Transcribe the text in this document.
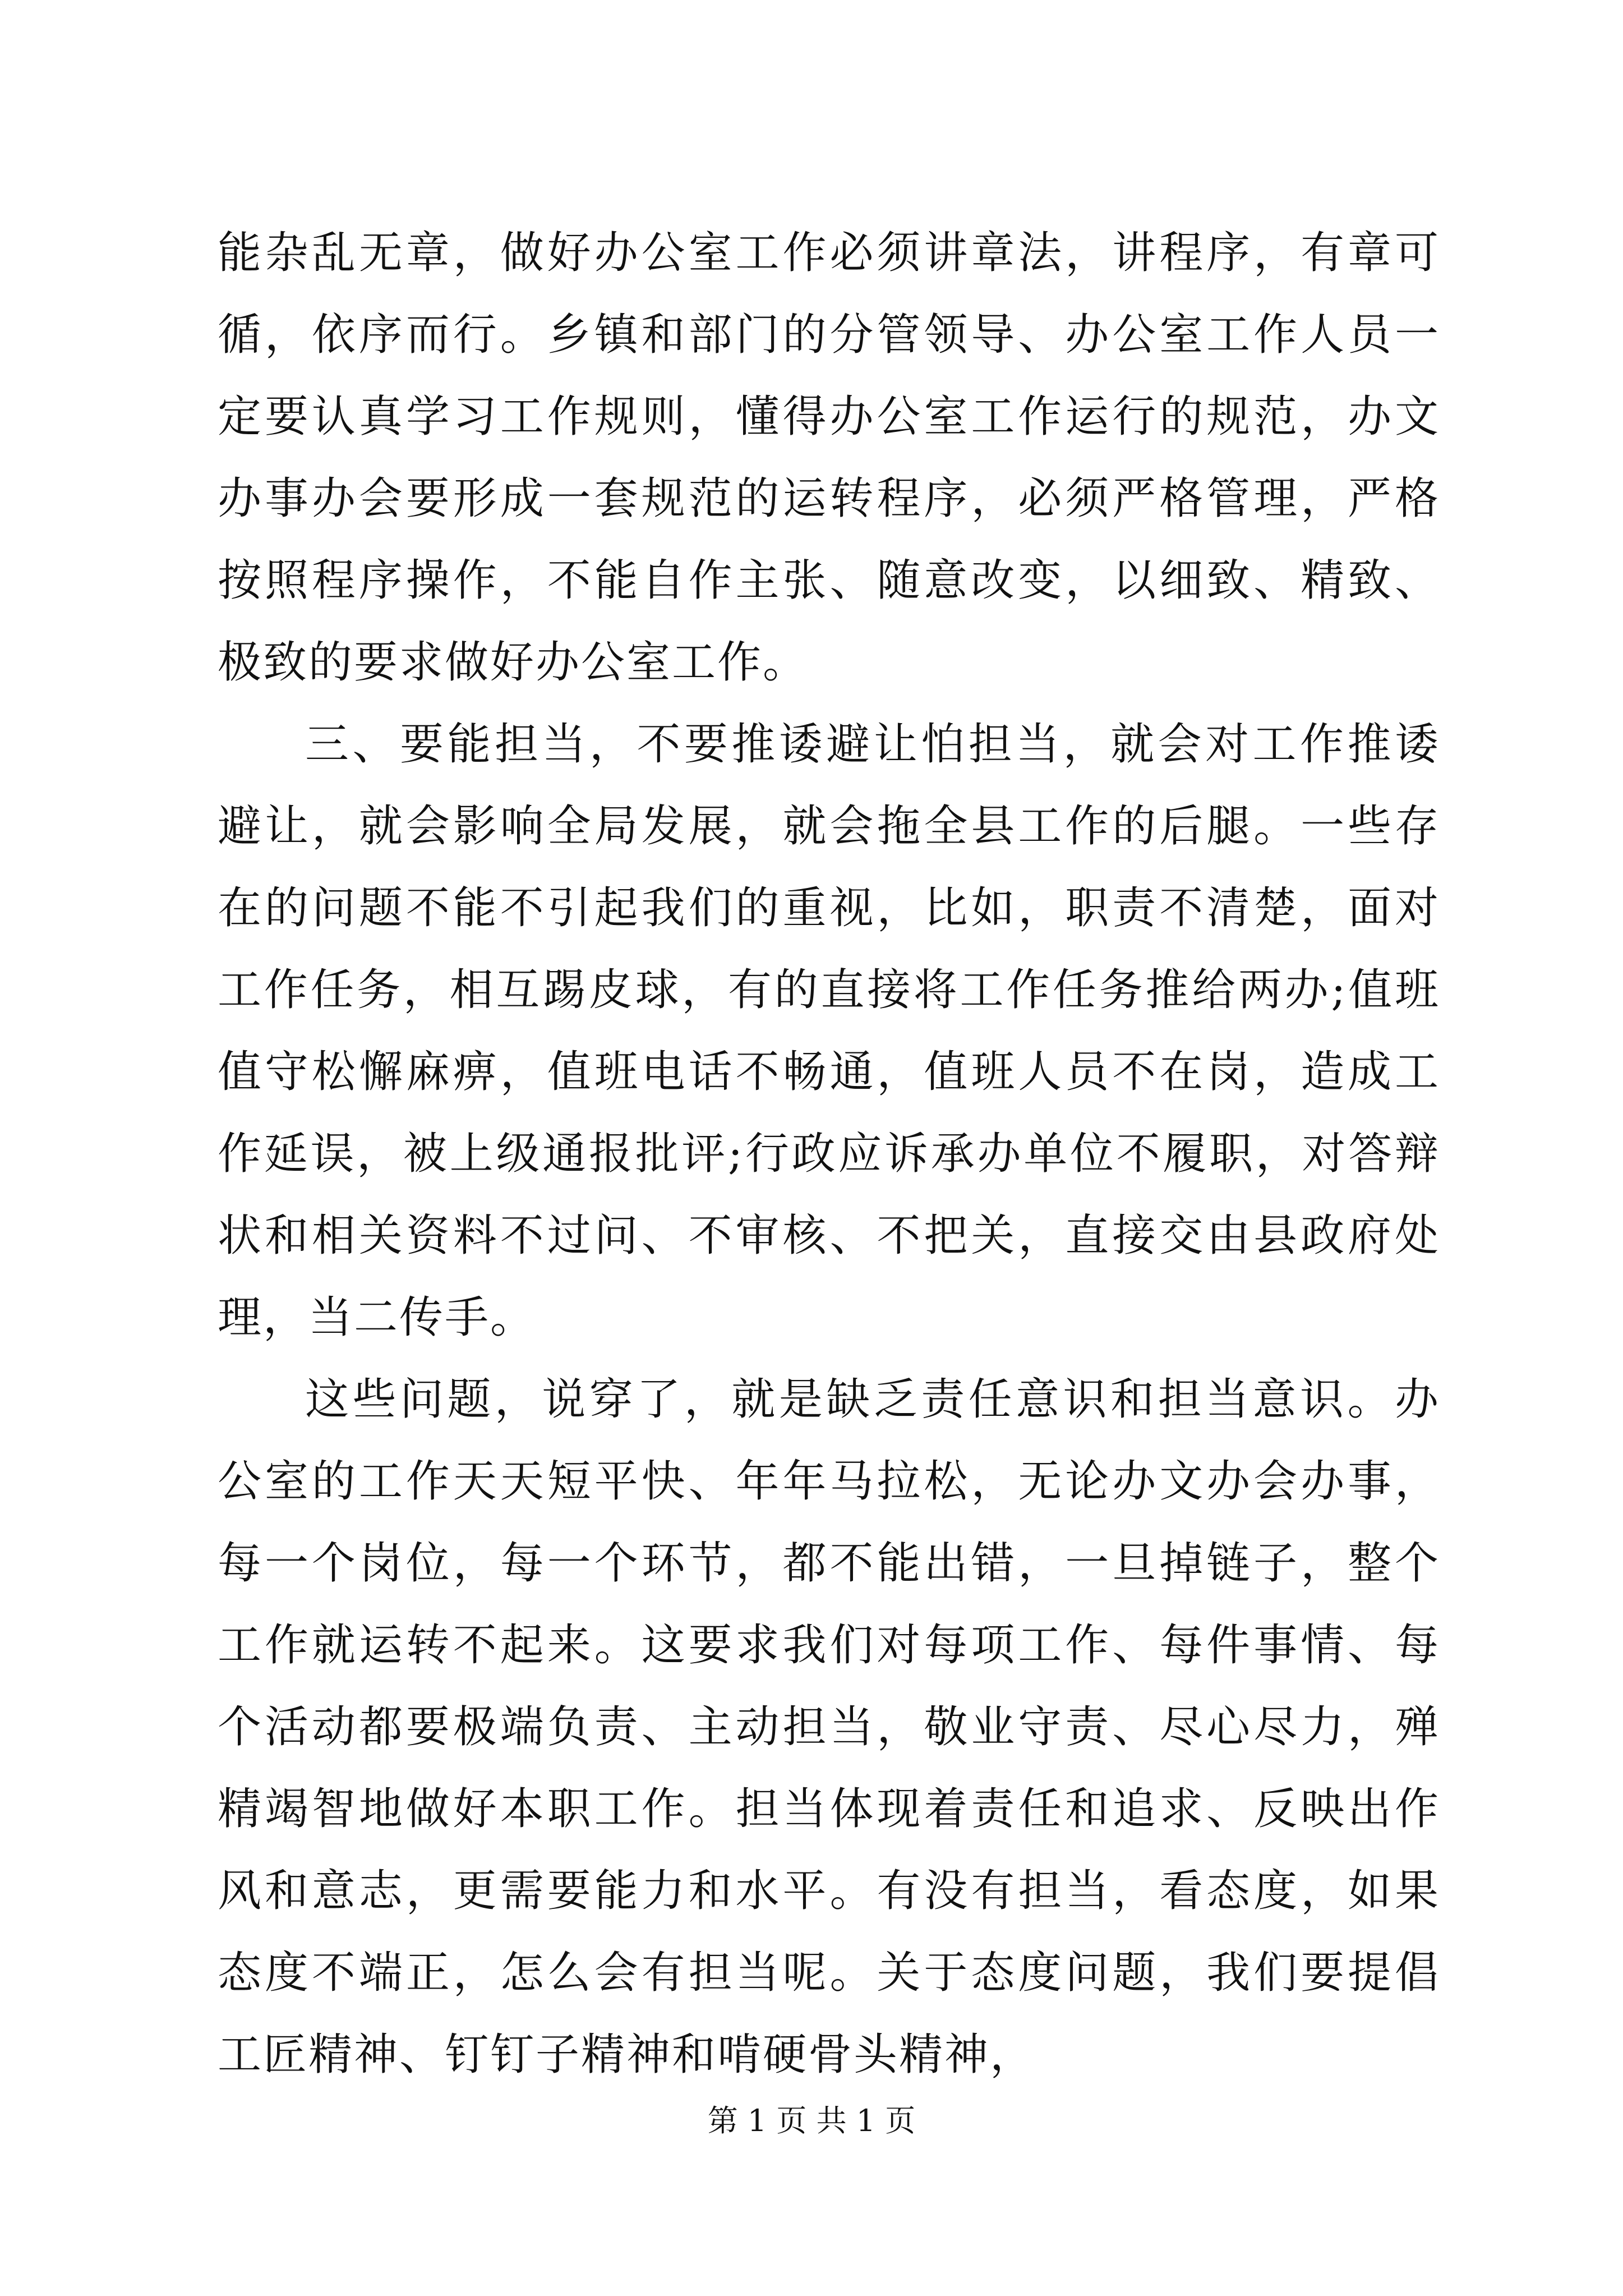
能杂乱无章，做好办公室工作必须讲章法，讲程序，有章可循，依序而行。乡镇和部门的分管领导、办公室工作人员一定要认真学习工作规则，懂得办公室工作运行的规范，办文办事办会要形成一套规范的运转程序，必须严格管理，严格按照程序操作，不能自作主张、随意改变，以细致、精致、极致的要求做好办公室工作。

三、要能担当，不要推诿避让怕担当，就会对工作推诿避让，就会影响全局发展，就会拖全县工作的后腿。一些存在的问题不能不引起我们的重视，比如，职责不清楚，面对工作任务，相互踢皮球，有的直接将工作任务推给两办;值班值守松懈麻痹，值班电话不畅通，值班人员不在岗，造成工作延误，被上级通报批评;行政应诉承办单位不履职，对答辩状和相关资料不过问、不审核、不把关，直接交由县政府处理，当二传手。

这些问题，说穿了，就是缺乏责任意识和担当意识。办公室的工作天天短平快、年年马拉松，无论办文办会办事，每一个岗位，每一个环节，都不能出错，一旦掉链子，整个工作就运转不起来。这要求我们对每项工作、每件事情、每个活动都要极端负责、主动担当，敬业守责、尽心尽力，殚精竭智地做好本职工作。担当体现着责任和追求、反映出作风和意志，更需要能力和水平。有没有担当，看态度，如果态度不端正，怎么会有担当呢。关于态度问题，我们要提倡工匠精神、钉钉子精神和啃硬骨头精神，

第 1 页 共 1 页
